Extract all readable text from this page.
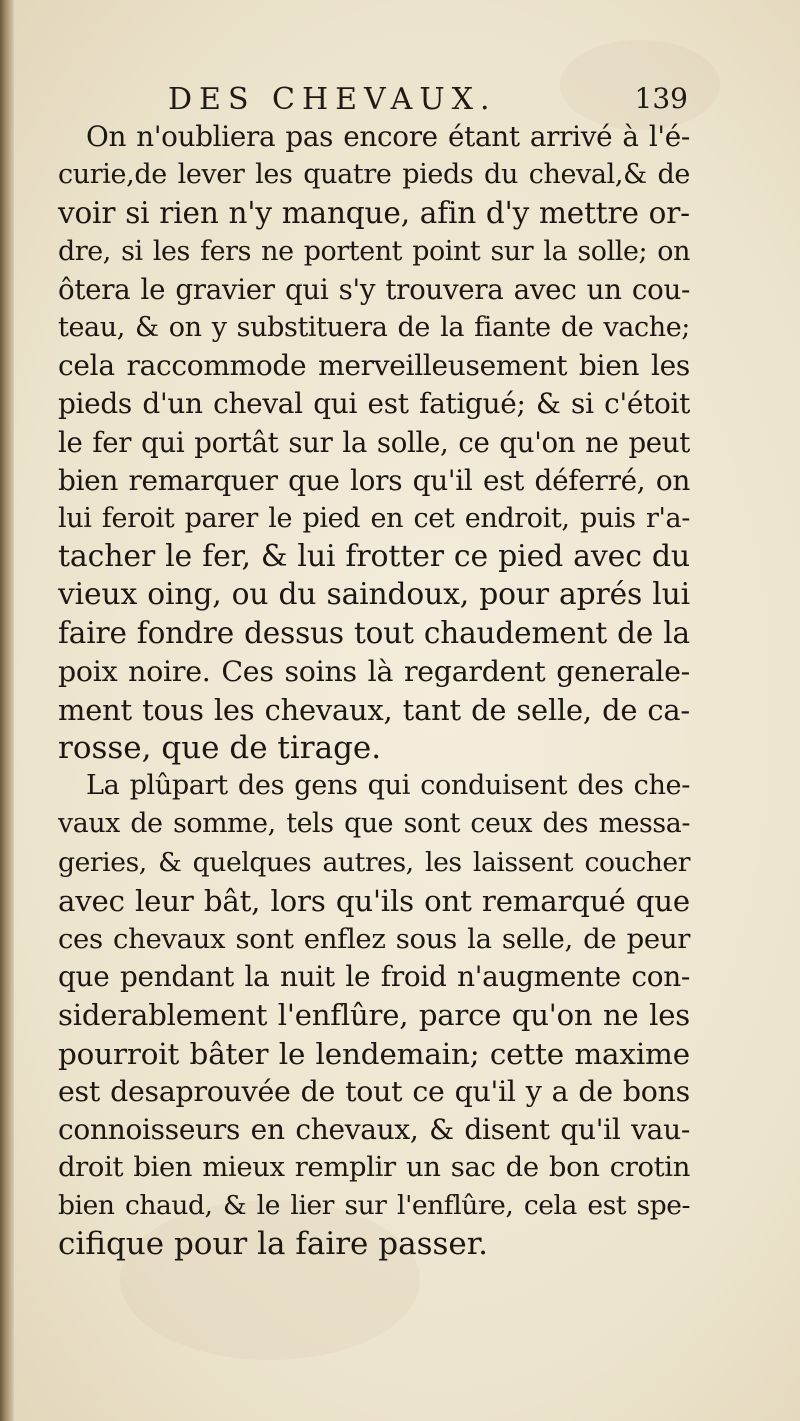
DES CHEVAUX.	139
On n'oubliera pas encore étant arrivé à l'é-
curie,de lever les quatre pieds du cheval,& de
voir si rien n'y manque, afin d'y mettre or-
dre, si les fers ne portent point sur la solle; on
ôtera le gravier qui s'y trouvera avec un cou-
teau, & on y substituera de la fiante de vache;
cela raccommode merveilleusement bien les
pieds d'un cheval qui est fatigué; & si c'étoit
le fer qui portât sur la solle, ce qu'on ne peut
bien remarquer que lors qu'il est déferré, on
lui feroit parer le pied en cet endroit, puis r'a-
tacher le fer, & lui frotter ce pied avec du
vieux oing, ou du saindoux, pour aprés lui
faire fondre dessus tout chaudement de la
poix noire. Ces soins là regardent generale-
ment tous les chevaux, tant de selle, de ca-
rosse, que de tirage.
La plûpart des gens qui conduisent des che-
vaux de somme, tels que sont ceux des messa-
geries, & quelques autres, les laissent coucher
avec leur bât, lors qu'ils ont remarqué que
ces chevaux sont enflez sous la selle, de peur
que pendant la nuit le froid n'augmente con-
siderablement l'enflûre, parce qu'on ne les
pourroit bâter le lendemain; cette maxime
est desaprouvée de tout ce qu'il y a de bons
connoisseurs en chevaux, & disent qu'il vau-
droit bien mieux remplir un sac de bon crotin
bien chaud, & le lier sur l'enflûre, cela est spe-
cifique pour la faire passer.
